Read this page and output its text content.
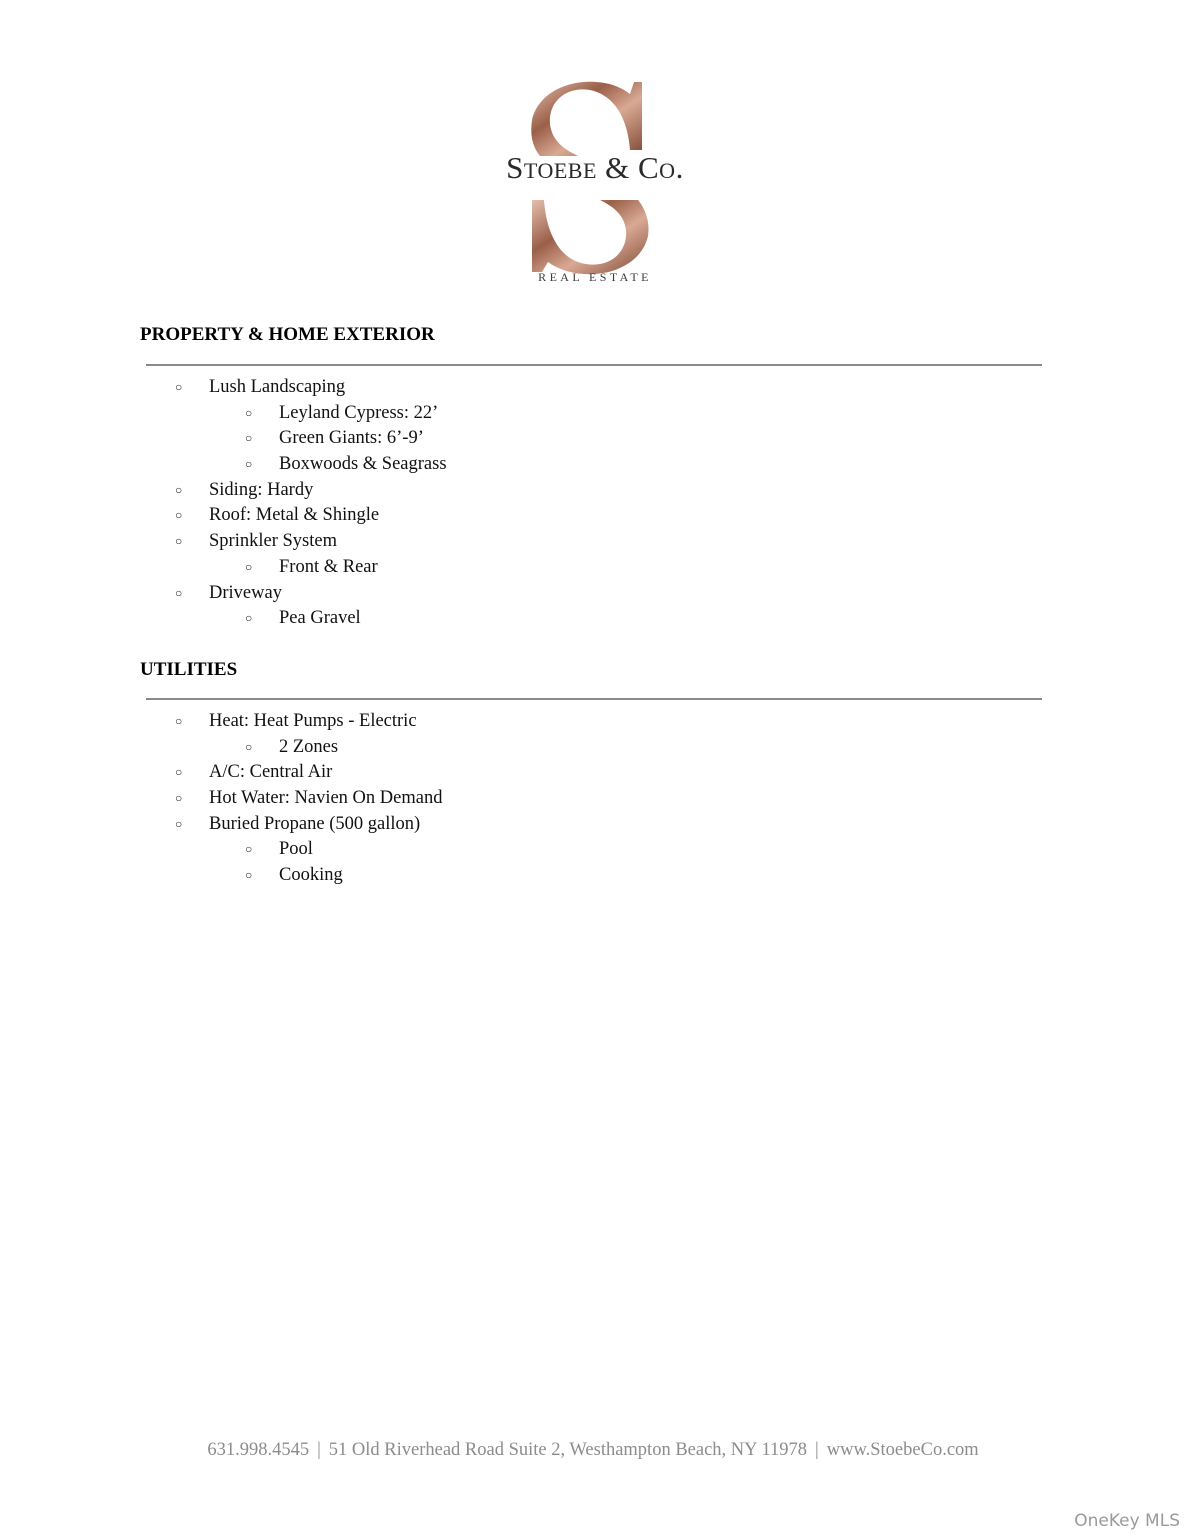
Stoebe & Co.
REAL ESTATE
PROPERTY & HOME EXTERIOR
○ Lush Landscaping
○ Leyland Cypress: 22’
○ Green Giants: 6’-9’
○ Boxwoods & Seagrass
○ Siding: Hardy
○ Roof: Metal & Shingle
○ Sprinkler System
○ Front & Rear
○ Driveway
○ Pea Gravel
UTILITIES
○ Heat: Heat Pumps - Electric
○ 2 Zones
○ A/C: Central Air
○ Hot Water: Navien On Demand
○ Buried Propane (500 gallon)
○ Pool
○ Cooking
631.998.4545 | 51 Old Riverhead Road Suite 2, Westhampton Beach, NY 11978 | www.StoebeCo.com
OneKey MLS
